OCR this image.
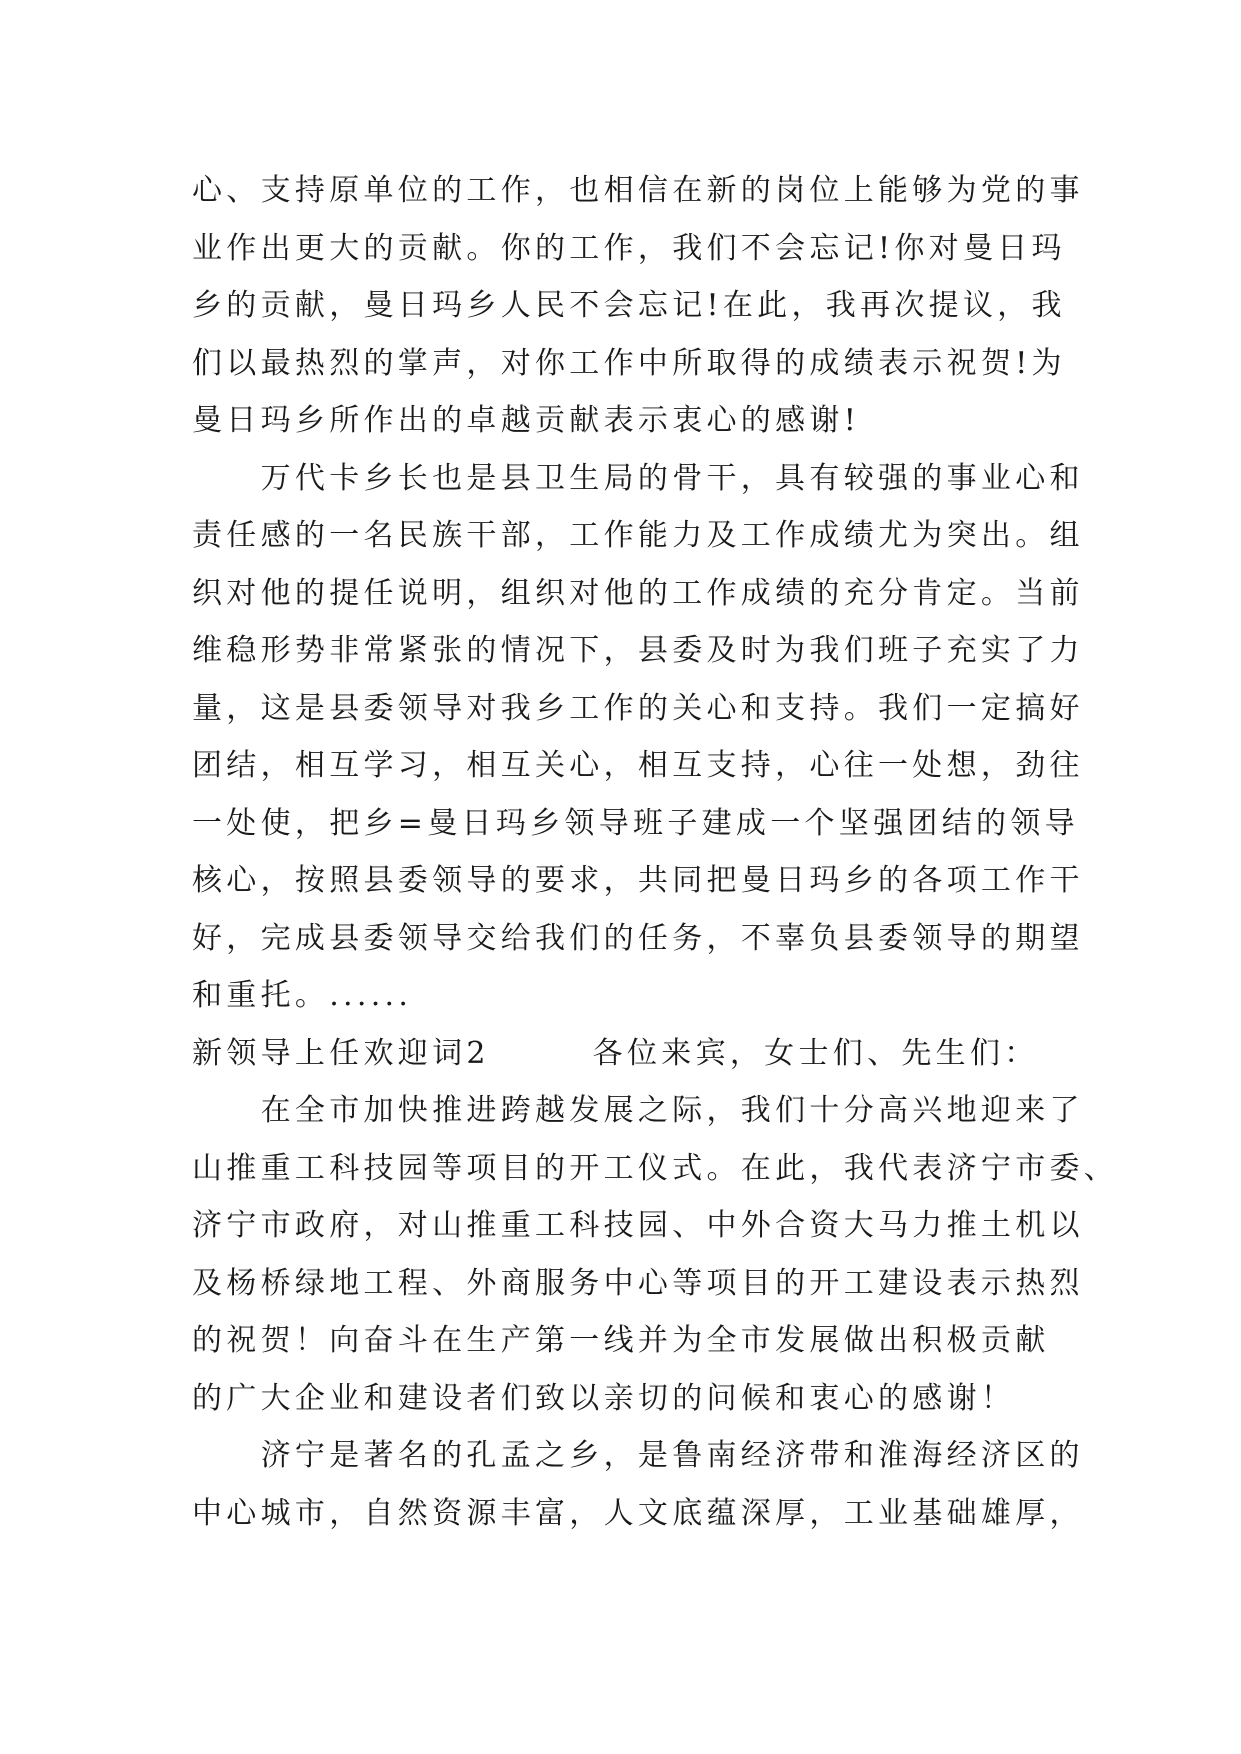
心、支持原单位的工作，也相信在新的岗位上能够为党的事
业作出更大的贡献。你的工作，我们不会忘记!你对曼日玛
乡的贡献，曼日玛乡人民不会忘记!在此，我再次提议，我
们以最热烈的掌声，对你工作中所取得的成绩表示祝贺!为
曼日玛乡所作出的卓越贡献表示衷心的感谢!
　　万代卡乡长也是县卫生局的骨干，具有较强的事业心和
责任感的一名民族干部，工作能力及工作成绩尤为突出。组
织对他的提任说明，组织对他的工作成绩的充分肯定。当前
维稳形势非常紧张的情况下，县委及时为我们班子充实了力
量，这是县委领导对我乡工作的关心和支持。我们一定搞好
团结，相互学习，相互关心，相互支持，心往一处想，劲往
一处使，把乡=曼日玛乡领导班子建成一个坚强团结的领导
核心，按照县委领导的要求，共同把曼日玛乡的各项工作干
好，完成县委领导交给我们的任务，不辜负县委领导的期望
和重托。......
新领导上任欢迎词2　　　各位来宾，女士们、先生们：
　　在全市加快推进跨越发展之际，我们十分高兴地迎来了
山推重工科技园等项目的开工仪式。在此，我代表济宁市委、
济宁市政府，对山推重工科技园、中外合资大马力推土机以
及杨桥绿地工程、外商服务中心等项目的开工建设表示热烈
的祝贺！向奋斗在生产第一线并为全市发展做出积极贡献
的广大企业和建设者们致以亲切的问候和衷心的感谢！
　　济宁是著名的孔孟之乡，是鲁南经济带和淮海经济区的
中心城市，自然资源丰富，人文底蕴深厚，工业基础雄厚，
